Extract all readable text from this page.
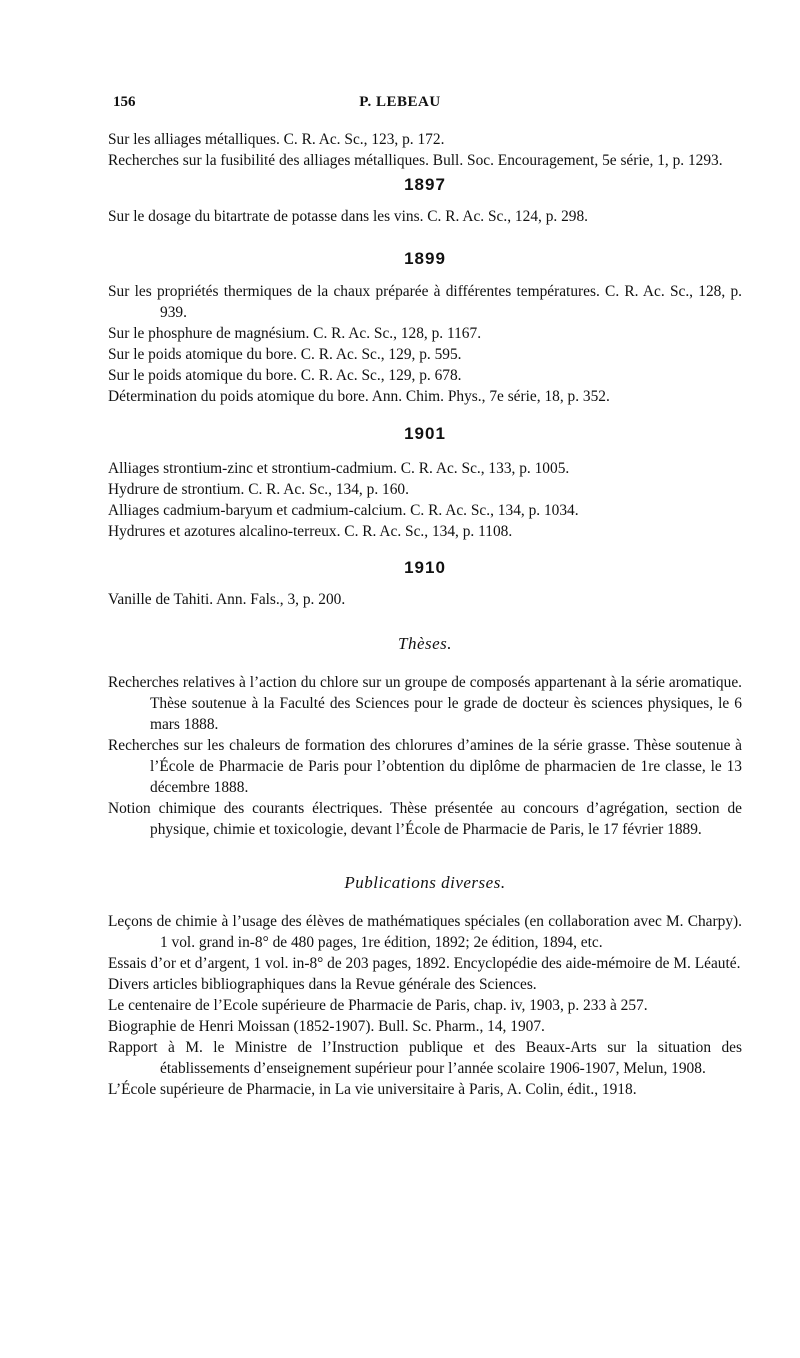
156	P. LEBEAU

Sur les alliages métalliques. C. R. Ac. Sc., 123, p. 172.

Recherches sur la fusibilité des alliages métalliques. Bull. Soc. Encouragement, 5e série, 1, p. 1293.

1897

Sur le dosage du bitartrate de potasse dans les vins. C. R. Ac. Sc., 124, p. 298.

1899

Sur les propriétés thermiques de la chaux préparée à différentes températures. C. R. Ac. Sc., 128, p. 939.

Sur le phosphure de magnésium. C. R. Ac. Sc., 128, p. 1167.

Sur le poids atomique du bore. C. R. Ac. Sc., 129, p. 595.

Sur le poids atomique du bore. C. R. Ac. Sc., 129, p. 678.

Détermination du poids atomique du bore. Ann. Chim. Phys., 7e série, 18, p. 352.

1901

Alliages strontium-zinc et strontium-cadmium. C. R. Ac. Sc., 133, p. 1005.

Hydrure de strontium. C. R. Ac. Sc., 134, p. 160.

Alliages cadmium-baryum et cadmium-calcium. C. R. Ac. Sc., 134, p. 1034.

Hydrures et azotures alcalino-terreux. C. R. Ac. Sc., 134, p. 1108.

1910

Vanille de Tahiti. Ann. Fals., 3, p. 200.

Thèses.

Recherches relatives à l’action du chlore sur un groupe de composés appartenant à la série aromatique. Thèse soutenue à la Faculté des Sciences pour le grade de docteur ès sciences physiques, le 6 mars 1888.

Recherches sur les chaleurs de formation des chlorures d’amines de la série grasse. Thèse soutenue à l’École de Pharmacie de Paris pour l’obtention du diplôme de pharmacien de 1re classe, le 13 décembre 1888.

Notion chimique des courants électriques. Thèse présentée au concours d’agrégation, section de physique, chimie et toxicologie, devant l’École de Pharmacie de Paris, le 17 février 1889.

Publications diverses.

Leçons de chimie à l’usage des élèves de mathématiques spéciales (en collaboration avec M. Charpy). 1 vol. grand in-8° de 480 pages, 1re édition, 1892; 2e édition, 1894, etc.

Essais d’or et d’argent, 1 vol. in-8° de 203 pages, 1892. Encyclopédie des aide-mémoire de M. Léauté.

Divers articles bibliographiques dans la Revue générale des Sciences.

Le centenaire de l’Ecole supérieure de Pharmacie de Paris, chap. iv, 1903, p. 233 à 257.

Biographie de Henri Moissan (1852-1907). Bull. Sc. Pharm., 14, 1907.

Rapport à M. le Ministre de l’Instruction publique et des Beaux-Arts sur la situation des établissements d’enseignement supérieur pour l’année scolaire 1906-1907, Melun, 1908.

L’École supérieure de Pharmacie, in La vie universitaire à Paris, A. Colin, édit., 1918.
